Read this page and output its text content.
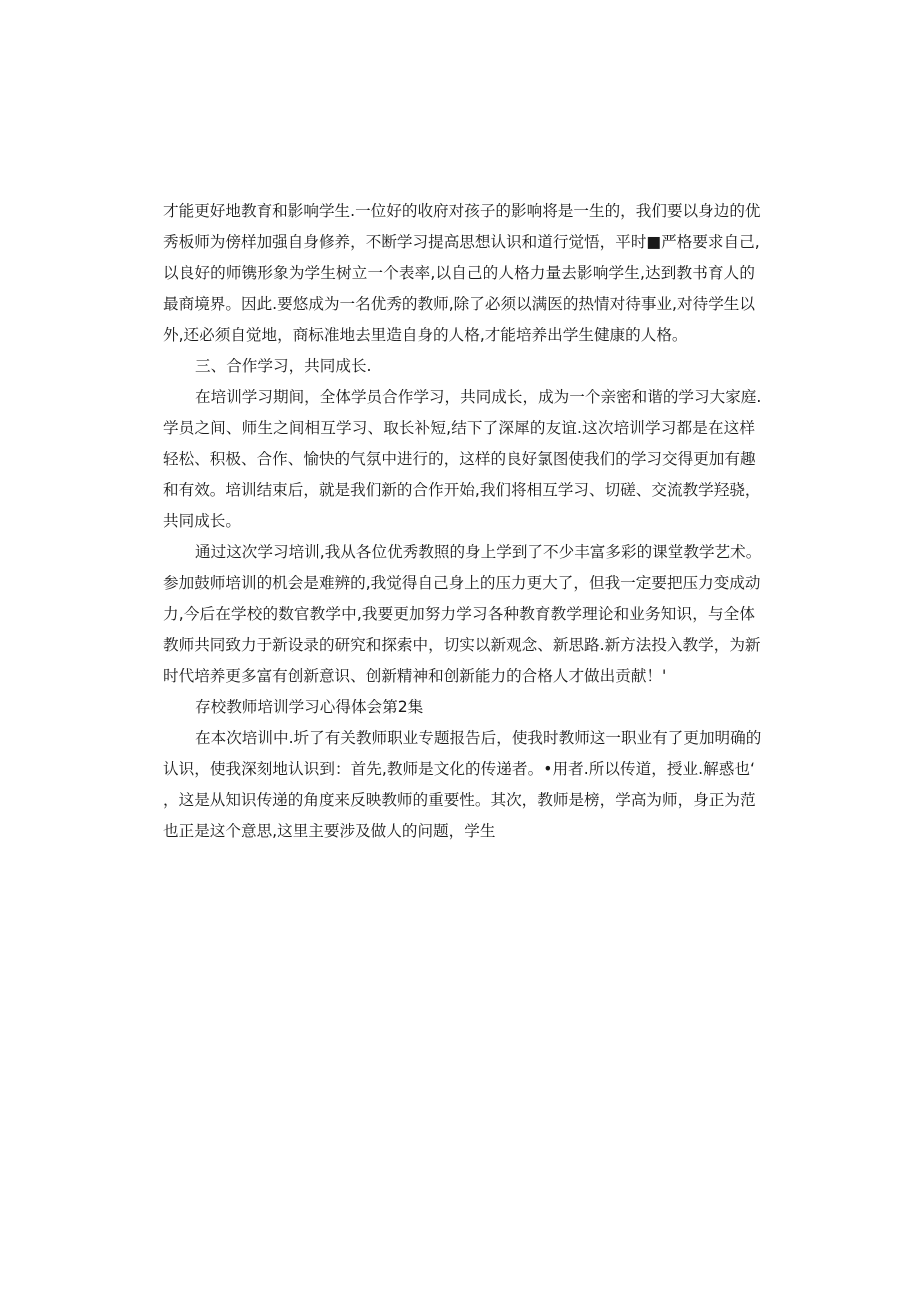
才能更好地教育和影响学生.一位好的收府对孩子的影响将是一生的，我们要以身边的优
秀板师为傍样加强自身修养，不断学习提高思想认识和道行觉悟，平时■严格要求自己,
以良好的师镌形象为学生树立一个表率,以自己的人格力量去影响学生,达到教书育人的
最商境界。因此.要悠成为一名优秀的教师,除了必须以满医的热情对待事业,对待学生以
外,还必须自觉地，商标准地去里造自身的人格,才能培养出学生健康的人格。
三、合作学习，共同成长.
在培训学习期间，全体学员合作学习，共同成长，成为一个亲密和谐的学习大家庭.
学员之间、师生之间相互学习、取长补短,结下了深犀的友谊.这次培训学习都是在这样
轻松、积极、合作、愉快的气氛中进行的，这样的良好氯图使我们的学习交得更加有趣
和有效。培训结束后，就是我们新的合作开始,我们将相互学习、切磋、交流教学羟骁，
共同成长。
通过这次学习培训,我从各位优秀教照的身上学到了不少丰富多彩的课堂教学艺术。
参加鼓师培训的机会是难辨的,我觉得自己身上的压力更大了，但我一定要把压力变成动
力,今后在学校的数官教学中,我要更加努力学习各种教育教学理论和业务知识，与全体
教师共同致力于新设录的研究和探索中，切实以新观念、新思路.新方法投入教学，为新
时代培养更多富有创新意识、创新精神和创新能力的合格人才做出贡献！'
存校教师培训学习心得体会第2集
在本次培训中.圻了有关教师职业专题报告后，使我时教师这一职业有了更加明确的
认识，使我深刻地认识到：首先,教师是文化的传递者。•用者.所以传道，授业.解惑也‘
，这是从知识传递的角度来反映教师的重要性。其次，教师是榜，学高为师，身正为范
也正是这个意思,这里主要涉及做人的问题，学生
